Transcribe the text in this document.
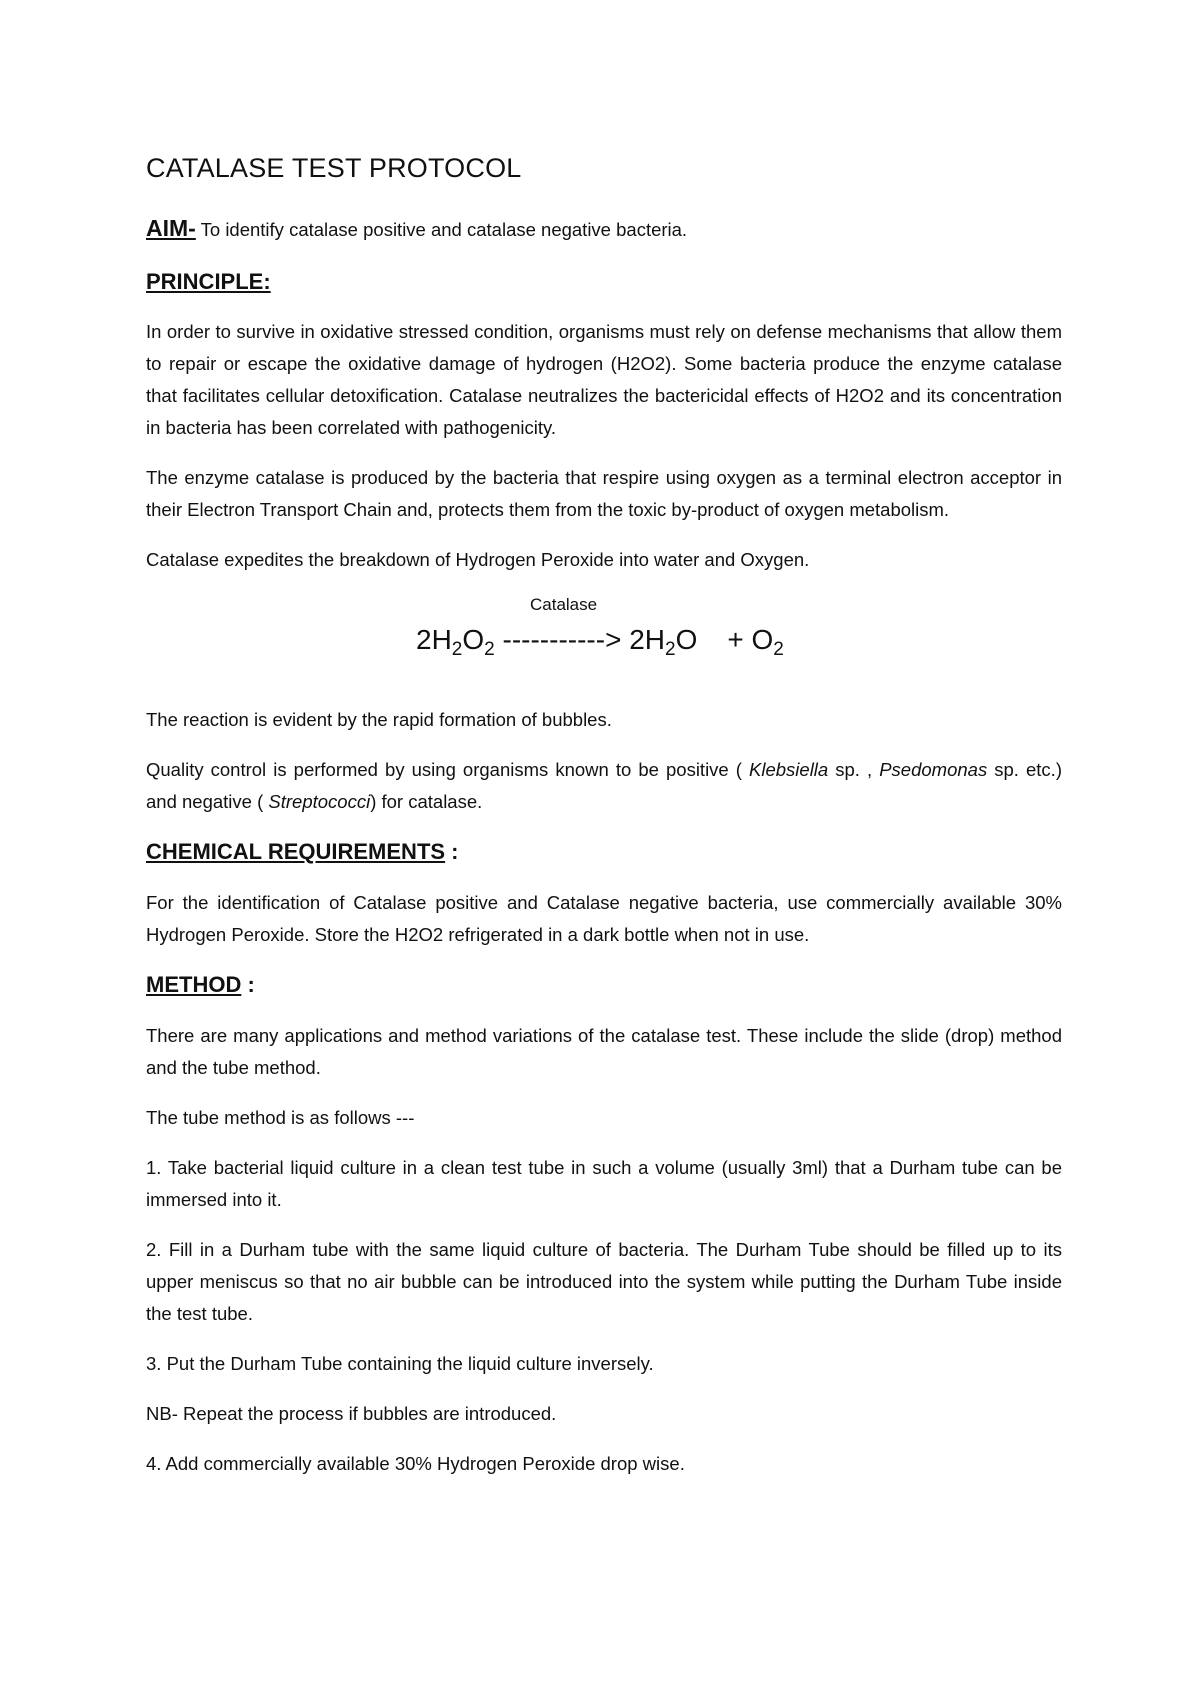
CATALASE TEST PROTOCOL

AIM- To identify catalase positive and catalase negative bacteria.

PRINCIPLE:

In order to survive in oxidative stressed condition, organisms must rely on defense mechanisms that allow them to repair or escape the oxidative damage of hydrogen (H2O2). Some bacteria produce the enzyme catalase that facilitates cellular detoxification. Catalase neutralizes the bactericidal effects of H2O2 and its concentration in bacteria has been correlated with pathogenicity.

The enzyme catalase is produced by the bacteria that respire using oxygen as a terminal electron acceptor in their Electron Transport Chain and, protects them from the toxic by-product of oxygen metabolism.

Catalase expedites the breakdown of Hydrogen Peroxide into water and Oxygen.

Catalase
$2H_2O_2$ -----------> $2H_2O + O_2$

The reaction is evident by the rapid formation of bubbles.

Quality control is performed by using organisms known to be positive ( Klebsiella sp. , Psedomonas sp. etc.) and negative ( Streptococci) for catalase.

CHEMICAL REQUIREMENTS :

For the identification of Catalase positive and Catalase negative bacteria, use commercially available 30% Hydrogen Peroxide. Store the H2O2 refrigerated in a dark bottle when not in use.

METHOD :

There are many applications and method variations of the catalase test. These include the slide (drop) method and the tube method.

The tube method is as follows ---

1. Take bacterial liquid culture in a clean test tube in such a volume (usually 3ml) that a Durham tube can be immersed into it.

2. Fill in a Durham tube with the same liquid culture of bacteria. The Durham Tube should be filled up to its upper meniscus so that no air bubble can be introduced into the system while putting the Durham Tube inside the test tube.

3. Put the Durham Tube containing the liquid culture inversely.

NB- Repeat the process if bubbles are introduced.

4. Add commercially available 30% Hydrogen Peroxide drop wise.
